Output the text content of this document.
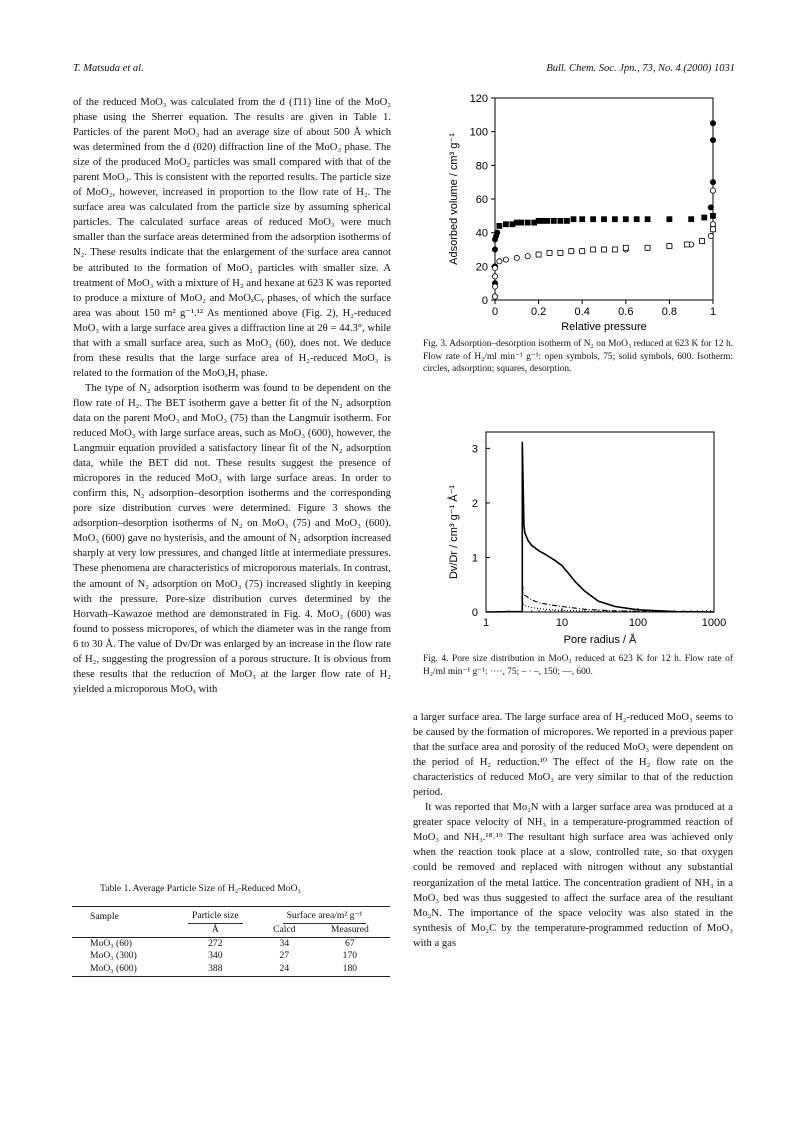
T. Matsuda et al.	Bull. Chem. Soc. Jpn., 73, No. 4 (2000) 1031

of the reduced MoO₃ was calculated from the d (1̄11) line of the MoO₂ phase using the Sherrer equation. The results are given in Table 1. Particles of the parent MoO₃ had an average size of about 500 Å which was determined from the d (020) diffraction line of the MoO₃ phase. The size of the produced MoO₂ particles was small compared with that of the parent MoO₃. This is consistent with the reported results. The particle size of MoO₂, however, increased in proportion to the flow rate of H₂. The surface area was calculated from the particle size by assuming spherical particles. The calculated surface areas of reduced MoO₃ were much smaller than the surface areas determined from the adsorption isotherms of N₂. These results indicate that the enlargement of the surface area cannot be attributed to the formation of MoO₂ particles with smaller size. A treatment of MoO₃ with a mixture of H₂ and hexane at 623 K was reported to produce a mixture of MoO₂ and MoOₓCᵧ phases, of which the surface area was about 150 m² g⁻¹.¹² As mentioned above (Fig. 2), H₂-reduced MoO₃ with a large surface area gives a diffraction line at 2θ = 44.3°, while that with a small surface area, such as MoO₃ (60), does not. We deduce from these results that the large surface area of H₂-reduced MoO₃ is related to the formation of the MoOₓHᵧ phase.

The type of N₂ adsorption isotherm was found to be dependent on the flow rate of H₂. The BET isotherm gave a better fit of the N₂ adsorption data on the parent MoO₃ and MoO₃ (75) than the Langmuir isotherm. For reduced MoO₃ with large surface areas, such as MoO₃ (600), however, the Langmuir equation provided a satisfactory linear fit of the N₂ adsorption data, while the BET did not. These results suggest the presence of micropores in the reduced MoO₃ with large surface areas. In order to confirm this, N₂ adsorption–desorption isotherms and the corresponding pore size distribution curves were determined. Figure 3 shows the adsorption–desorption isotherms of N₂ on MoO₃ (75) and MoO₃ (600). MoO₃ (600) gave no hysterisis, and the amount of N₂ adsorption increased sharply at very low pressures, and changed little at intermediate pressures. These phenomena are characteristics of microporous materials. In contrast, the amount of N₂ adsorption on MoO₃ (75) increased slightly in keeping with the pressure. Pore-size distribution curves determined by the Horvath–Kawazoe method are demonstrated in Fig. 4. MoO₃ (600) was found to possess micropores, of which the diameter was in the range from 6 to 30 Å. The value of Dv/Dr was enlarged by an increase in the flow rate of H₂, suggesting the progression of a porous structure. It is obvious from these results that the reduction of MoO₃ at the larger flow rate of H₂ yielded a microporous MoOₓ with

0	0.2	0.4	0.6	0.8	1
0
20
40
60
80
100
120
Relative pressure
Adsorbed volume / cm³ g⁻¹
Fig. 3. Adsorption–desorption isotherm of N₂ on MoO₃ reduced at 623 K for 12 h. Flow rate of H₂/ml min⁻¹ g⁻¹: open symbols, 75; solid symbols, 600. Isotherm: circles, adsorption; squares, desorption.
1	10	100	1000
0
1
2
3
Pore radius / Å
Dv/Dr / cm³ g⁻¹ Å⁻¹
Fig. 4. Pore size distribution in MoO₃ reduced at 623 K for 12 h. Flow rate of H₂/ml min⁻¹ g⁻¹: ····, 75; – · –, 150; —, 600.

a larger surface area. The large surface area of H₂-reduced MoO₃ seems to be caused by the formation of micropores. We reported in a previous paper that the surface area and porosity of the reduced MoO₃ were dependent on the period of H₂ reduction.¹⁰ The effect of the H₂ flow rate on the characteristics of reduced MoO₃ are very similar to that of the reduction period.

It was reported that Mo₂N with a larger surface area was produced at a greater space velocity of NH₃ in a temperature-programmed reaction of MoO₃ and NH₃.¹⁸˒¹⁹ The resultant high surface area was achieved only when the reaction took place at a slow, controlled rate, so that oxygen could be removed and replaced with nitrogen without any substantial reorganization of the metal lattice. The concentration gradient of NH₃ in a MoO₃ bed was thus suggested to affect the surface area of the resultant Mo₂N. The importance of the space velocity was also stated in the synthesis of Mo₂C by the temperature-programmed reduction of MoO₃ with a gas

Table 1. Average Particle Size of H₂-Reduced MoO₃
Sample	Particle size	Surface area/m² g⁻¹	
	Å	Calcd	Measured
MoO₃ (60)	272	34	67
MoO₃ (300)	340	27	170
MoO₃ (600)	388	24	180
